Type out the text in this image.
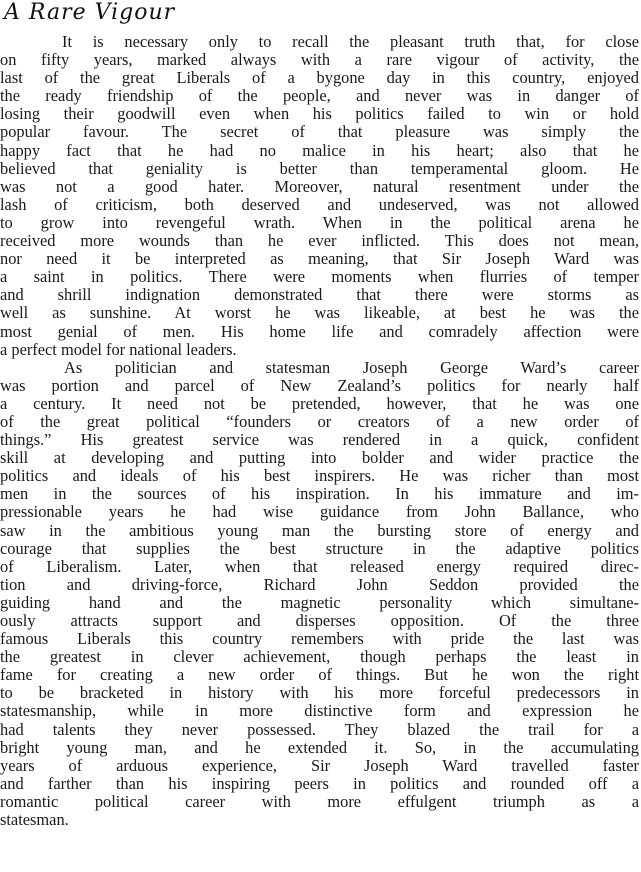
A Rare Vigour
It is necessary only to recall the pleasant truth that, for close
on fifty years, marked always with a rare vigour of activity, the
last of the great Liberals of a bygone day in this country, enjoyed
the ready friendship of the people, and never was in danger of
losing their goodwill even when his politics failed to win or hold
popular favour. The secret of that pleasure was simply the
happy fact that he had no malice in his heart; also that he
believed that geniality is better than temperamental gloom. He
was not a good hater. Moreover, natural resentment under the
lash of criticism, both deserved and undeserved, was not allowed
to grow into revengeful wrath. When in the political arena he
received more wounds than he ever inflicted. This does not mean,
nor need it be interpreted as meaning, that Sir Joseph Ward was
a saint in politics. There were moments when flurries of temper
and shrill indignation demonstrated that there were storms as
well as sunshine. At worst he was likeable, at best he was the
most genial of men. His home life and comradely affection were
a perfect model for national leaders.
As politician and statesman Joseph George Ward’s career
was portion and parcel of New Zealand’s politics for nearly half
a century. It need not be pretended, however, that he was one
of the great political “founders or creators of a new order of
things.” His greatest service was rendered in a quick, confident
skill at developing and putting into bolder and wider practice the
politics and ideals of his best inspirers. He was richer than most
men in the sources of his inspiration. In his immature and im-
pressionable years he had wise guidance from John Ballance, who
saw in the ambitious young man the bursting store of energy and
courage that supplies the best structure in the adaptive politics
of Liberalism. Later, when that released energy required direc-
tion and driving-force, Richard John Seddon provided the
guiding hand and the magnetic personality which simultane-
ously attracts support and disperses opposition. Of the three
famous Liberals this country remembers with pride the last was
the greatest in clever achievement, though perhaps the least in
fame for creating a new order of things. But he won the right
to be bracketed in history with his more forceful predecessors in
statesmanship, while in more distinctive form and expression he
had talents they never possessed. They blazed the trail for a
bright young man, and he extended it. So, in the accumulating
years of arduous experience, Sir Joseph Ward travelled faster
and farther than his inspiring peers in politics and rounded off a
romantic political career with more effulgent triumph as a
statesman.
